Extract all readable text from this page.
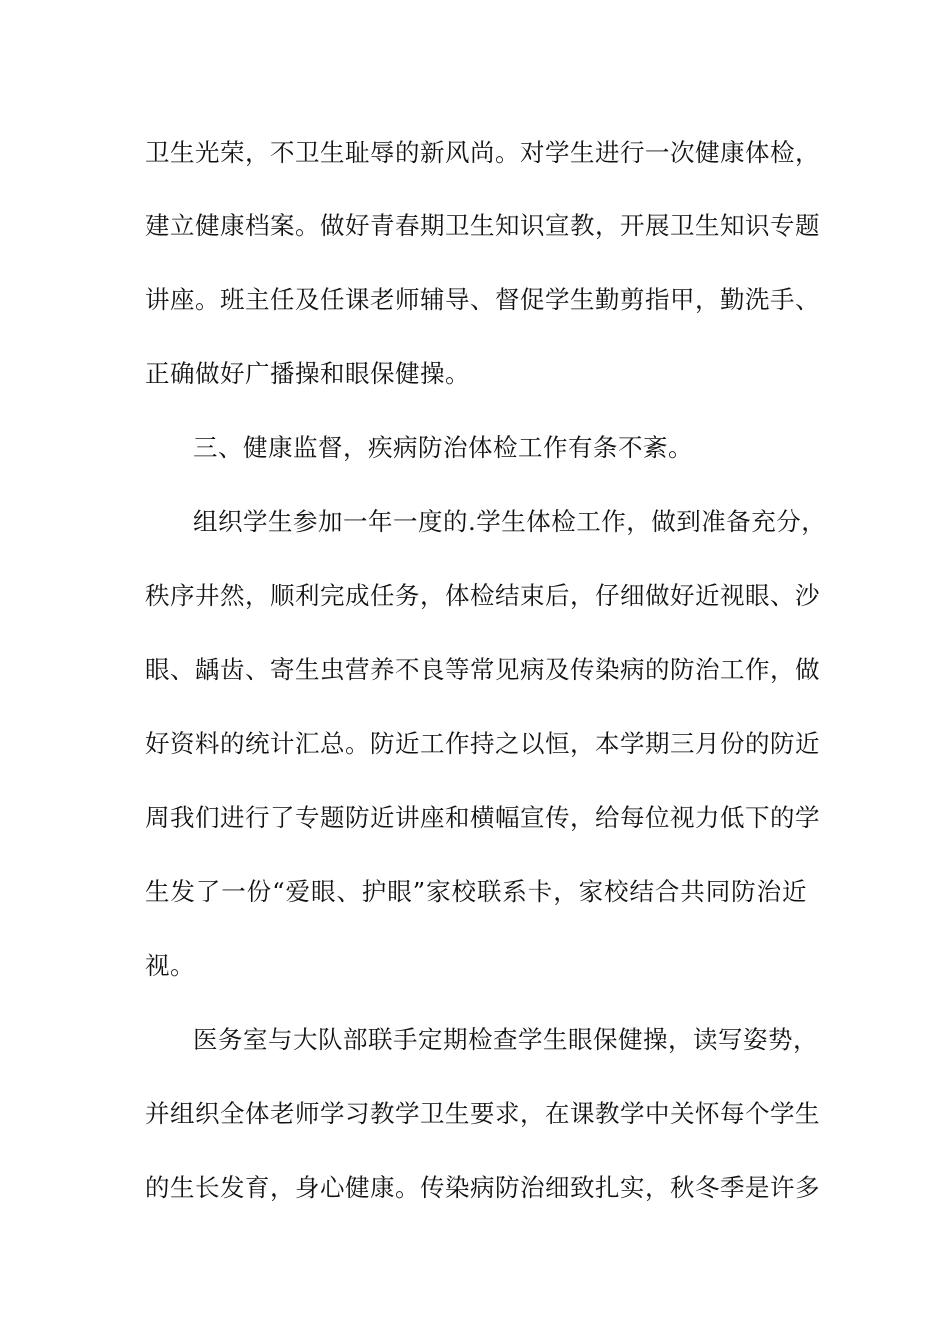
卫生光荣，不卫生耻辱的新风尚。对学生进行一次健康体检，
建立健康档案。做好青春期卫生知识宣教，开展卫生知识专题
讲座。班主任及任课老师辅导、督促学生勤剪指甲，勤洗手、
正确做好广播操和眼保健操。
三、健康监督，疾病防治体检工作有条不紊。
组织学生参加一年一度的.学生体检工作，做到准备充分，
秩序井然，顺利完成任务，体检结束后，仔细做好近视眼、沙
眼、龋齿、寄生虫营养不良等常见病及传染病的防治工作，做
好资料的统计汇总。防近工作持之以恒，本学期三月份的防近
周我们进行了专题防近讲座和横幅宣传，给每位视力低下的学
生发了一份“爱眼、护眼”家校联系卡，家校结合共同防治近
视。
医务室与大队部联手定期检查学生眼保健操，读写姿势，
并组织全体老师学习教学卫生要求，在课教学中关怀每个学生
的生长发育，身心健康。传染病防治细致扎实，秋冬季是许多
